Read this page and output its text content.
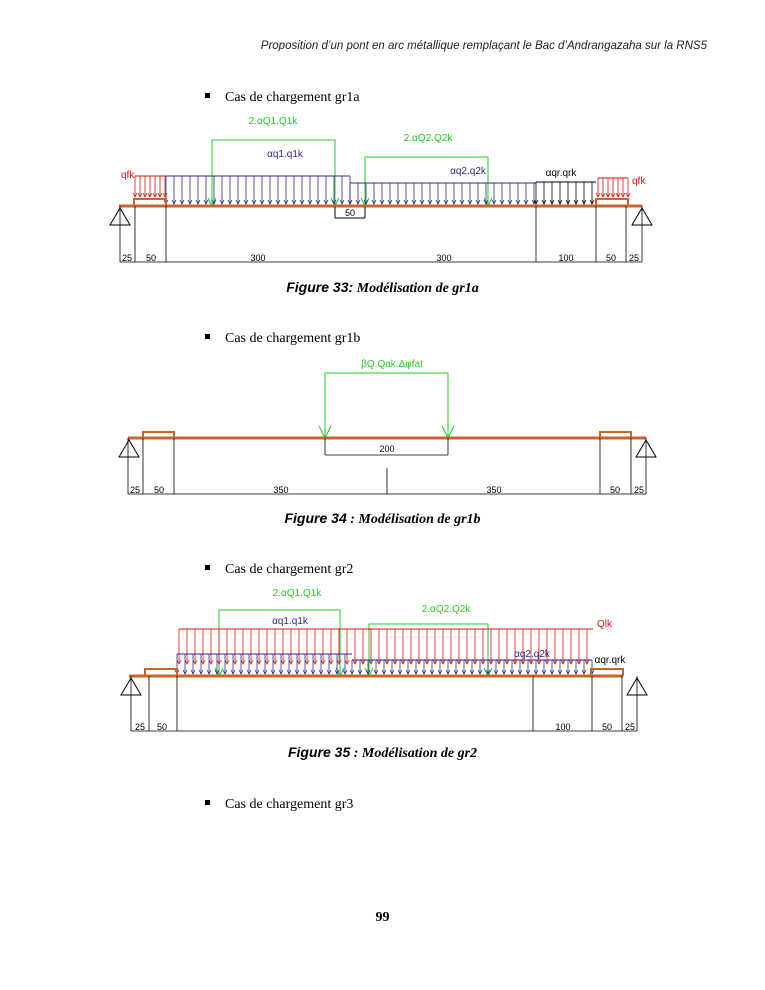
Proposition d’un pont en arc métallique remplaçant le Bac d’Andrangazaha sur la RNS5
Cas de chargement gr1a
2.αQ1.Q1k
2.αQ2.Q2k
αq1.q1k
αq2.q2k	αqr.qrk
qfk
qfk
50
25 50	300	300	100	50 25
βQ.Qak.Δφfat
200
25 50	350	350	50 25
2.αQ1.Q1k
2.αQ2.Q2k
αq1.q1k
αq2.q2k
αqr.qrk
Qlk
25 50	100	50 25
Figure 33: Modélisation de gr1a
Cas de chargement gr1b
Figure 34 : Modélisation de gr1b
Cas de chargement gr2
Figure 35 : Modélisation de gr2
Cas de chargement gr3
99
